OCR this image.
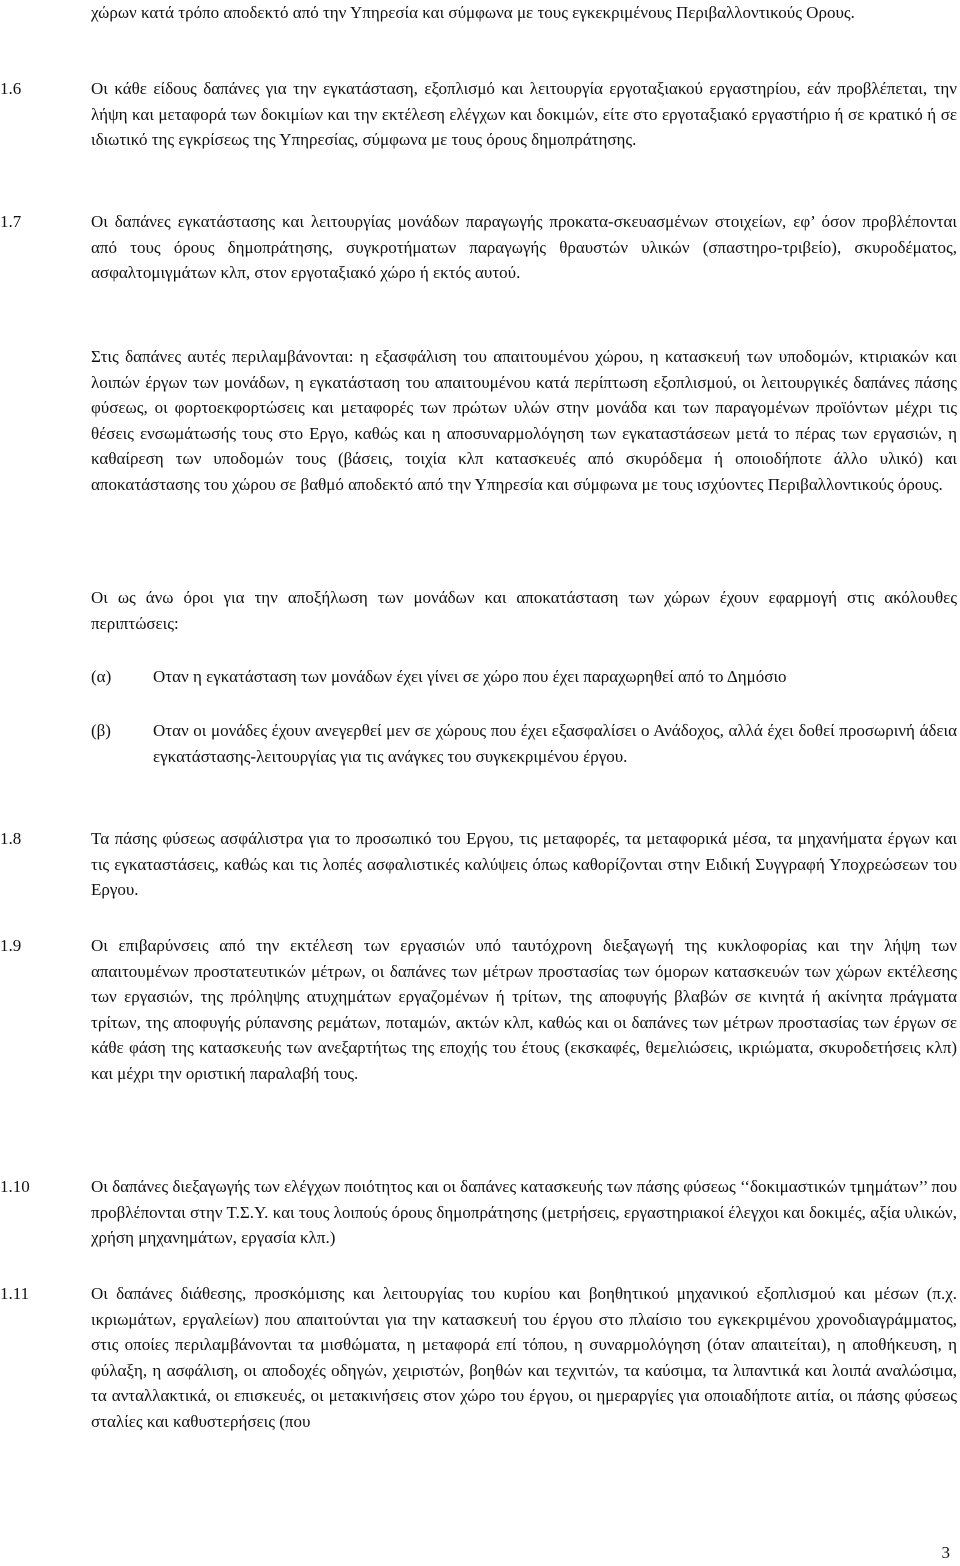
χώρων κατά τρόπο αποδεκτό από την Υπηρεσία και σύμφωνα με τους εγκεκριμένους Περιβαλλοντικούς Ορους.
1.6	Οι κάθε είδους δαπάνες για την εγκατάσταση, εξοπλισμό και λειτουργία εργοταξιακού εργαστηρίου, εάν προβλέπεται, την λήψη και μεταφορά των δοκιμίων και την εκτέλεση ελέγχων και δοκιμών, είτε στο εργοταξιακό εργαστήριο ή σε κρατικό ή σε ιδιωτικό της εγκρίσεως της Υπηρεσίας, σύμφωνα με τους όρους δημοπράτησης.
1.7	Οι δαπάνες εγκατάστασης και λειτουργίας μονάδων παραγωγής προκατα-σκευασμένων στοιχείων, εφ’ όσον προβλέπονται από τους όρους δημοπράτησης, συγκροτήματων παραγωγής θραυστών υλικών (σπαστηρο-τριβείο), σκυροδέματος, ασφαλτομιγμάτων κλπ, στον εργοταξιακό χώρο ή εκτός αυτού.
Στις δαπάνες αυτές περιλαμβάνονται: η εξασφάλιση του απαιτουμένου χώρου, η κατασκευή των υποδομών, κτιριακών και λοιπών έργων των μονάδων, η εγκατάσταση του απαιτουμένου κατά περίπτωση εξοπλισμού, οι λειτουργικές δαπάνες πάσης φύσεως, οι φορτοεκφορτώσεις και μεταφορές των πρώτων υλών στην μονάδα και των παραγομένων προϊόντων μέχρι τις θέσεις ενσωμάτωσής τους στο Εργο, καθώς και η αποσυναρμολόγηση των εγκαταστάσεων μετά το πέρας των εργασιών, η καθαίρεση των υποδομών τους (βάσεις, τοιχία κλπ κατασκευές από σκυρόδεμα ή οποιοδήποτε άλλο υλικό) και αποκατάστασης του χώρου σε βαθμό αποδεκτό από την Υπηρεσία και σύμφωνα με τους ισχύοντες Περιβαλλοντικούς όρους.
Οι ως άνω όροι για την αποξήλωση των μονάδων και αποκατάσταση των χώρων έχουν εφαρμογή στις ακόλουθες περιπτώσεις:
(α) Οταν η εγκατάσταση των μονάδων έχει γίνει σε χώρο που έχει παραχωρηθεί από το Δημόσιο
(β) Οταν οι μονάδες έχουν ανεγερθεί μεν σε χώρους που έχει εξασφαλίσει ο Ανάδοχος, αλλά έχει δοθεί προσωρινή άδεια εγκατάστασης-λειτουργίας για τις ανάγκες του συγκεκριμένου έργου.
1.8	Τα πάσης φύσεως ασφάλιστρα για το προσωπικό του Εργου, τις μεταφορές, τα μεταφορικά μέσα, τα μηχανήματα έργων και τις εγκαταστάσεις, καθώς και τις λοπές ασφαλιστικές καλύψεις όπως καθορίζονται στην Ειδική Συγγραφή Υποχρεώσεων του Εργου.
1.9	Οι επιβαρύνσεις από την εκτέλεση των εργασιών υπό ταυτόχρονη διεξαγωγή της κυκλοφορίας και την λήψη των απαιτουμένων προστατευτικών μέτρων, οι δαπάνες των μέτρων προστασίας των όμορων κατασκευών των χώρων εκτέλεσης των εργασιών, της πρόληψης ατυχημάτων εργαζομένων ή τρίτων, της αποφυγής βλαβών σε κινητά ή ακίνητα πράγματα τρίτων, της αποφυγής ρύπανσης ρεμάτων, ποταμών, ακτών κλπ, καθώς και οι δαπάνες των μέτρων προστασίας των έργων σε κάθε φάση της κατασκευής των ανεξαρτήτως της εποχής του έτους (εκσκαφές, θεμελιώσεις, ικριώματα, σκυροδετήσεις κλπ) και μέχρι την οριστική παραλαβή τους.
1.10	Οι δαπάνες διεξαγωγής των ελέγχων ποιότητος και οι δαπάνες κατασκευής των πάσης φύσεως ‘‘δοκιμαστικών τμημάτων’’ που προβλέπονται στην Τ.Σ.Υ. και τους λοιπούς όρους δημοπράτησης (μετρήσεις, εργαστηριακοί έλεγχοι και δοκιμές, αξία υλικών, χρήση μηχανημάτων, εργασία κλπ.)
1.11	Οι δαπάνες διάθεσης, προσκόμισης και λειτουργίας του κυρίου και βοηθητικού μηχανικού εξοπλισμού και μέσων (π.χ. ικριωμάτων, εργαλείων) που απαιτούνται για την κατασκευή του έργου στο πλαίσιο του εγκεκριμένου χρονοδιαγράμματος, στις οποίες περιλαμβάνονται τα μισθώματα, η μεταφορά επί τόπου, η συναρμολόγηση (όταν απαιτείται), η αποθήκευση, η φύλαξη, η ασφάλιση, οι αποδοχές οδηγών, χειριστών, βοηθών και τεχνιτών, τα καύσιμα, τα λιπαντικά και λοιπά αναλώσιμα, τα ανταλλακτικά, οι επισκευές, οι μετακινήσεις στον χώρο του έργου, οι ημεραργίες για οποιαδήποτε αιτία, οι πάσης φύσεως σταλίες και καθυστερήσεις (που
3
